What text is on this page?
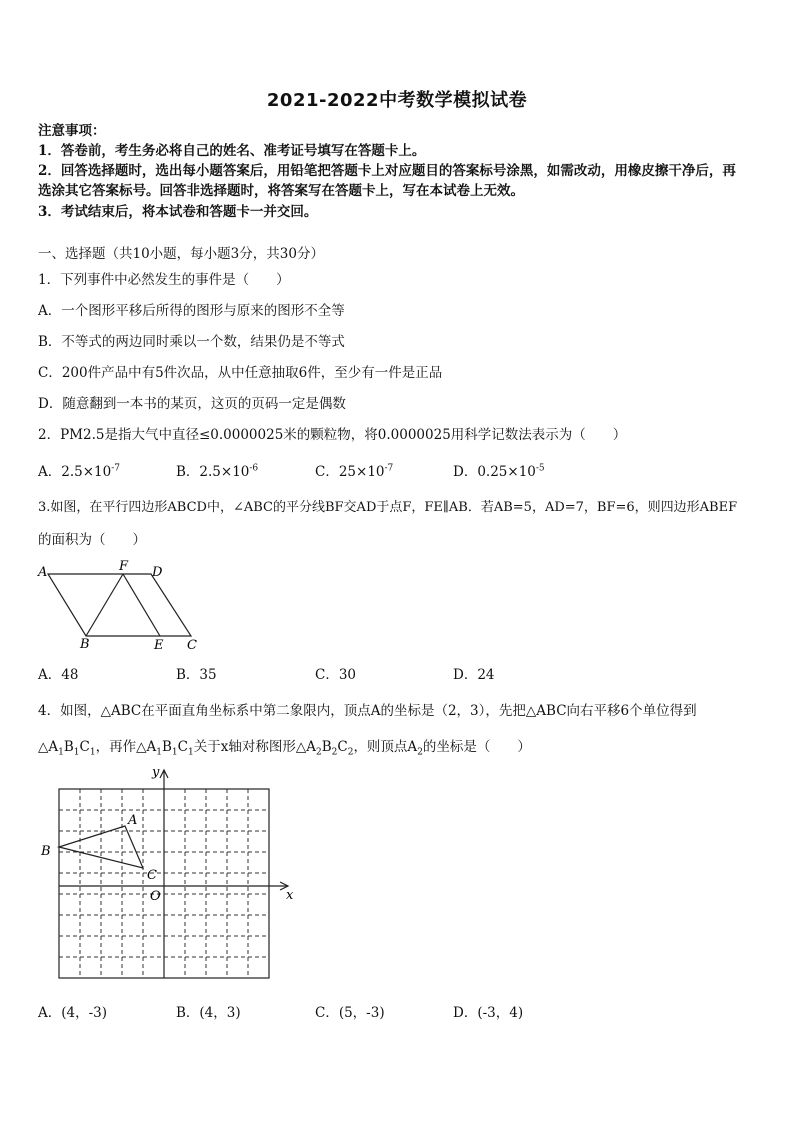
2021-2022中考数学模拟试卷
注意事项：
1．答卷前，考生务必将自己的姓名、准考证号填写在答题卡上。
2．回答选择题时，选出每小题答案后，用铅笔把答题卡上对应题目的答案标号涂黑，如需改动，用橡皮擦干净后，再
选涂其它答案标号。回答非选择题时，将答案写在答题卡上，写在本试卷上无效。
3．考试结束后，将本试卷和答题卡一并交回。
一、选择题（共10小题，每小题3分，共30分）
1．下列事件中必然发生的事件是（　　）
A．一个图形平移后所得的图形与原来的图形不全等
B．不等式的两边同时乘以一个数，结果仍是不等式
C．200件产品中有5件次品，从中任意抽取6件，至少有一件是正品
D．随意翻到一本书的某页，这页的页码一定是偶数
2．PM2.5是指大气中直径≤0.0000025米的颗粒物，将0.0000025用科学记数法表示为（　　）
A．$2.5\times 10^{-7}$	B．$2.5\times 10^{-6}$	C．$25\times 10^{-7}$	D．$0.25\times 10^{-5}$
3.如图，在平行四边形ABCD中，∠ABC的平分线BF交AD于点F，FE∥AB．若AB=5，AD=7，BF=6，则四边形ABEF
的面积为（　　）
A	F D
B	E C
A．48	B．35	C．30	D．24
4．如图，△ABC在平面直角坐标系中第二象限内，顶点A的坐标是（2，3），先把△ABC向右平移6个单位得到
$\triangle A_1B_1C_1$，再作$\triangle A_1B_1C_1$关于x轴对称图形$\triangle A_2B_2C_2$，则顶点$A_2$的坐标是（　　）
y
x
O
A
B
C
A．(4，-3)	B．(4，3)	C．(5，-3)	D．(-3，4)
